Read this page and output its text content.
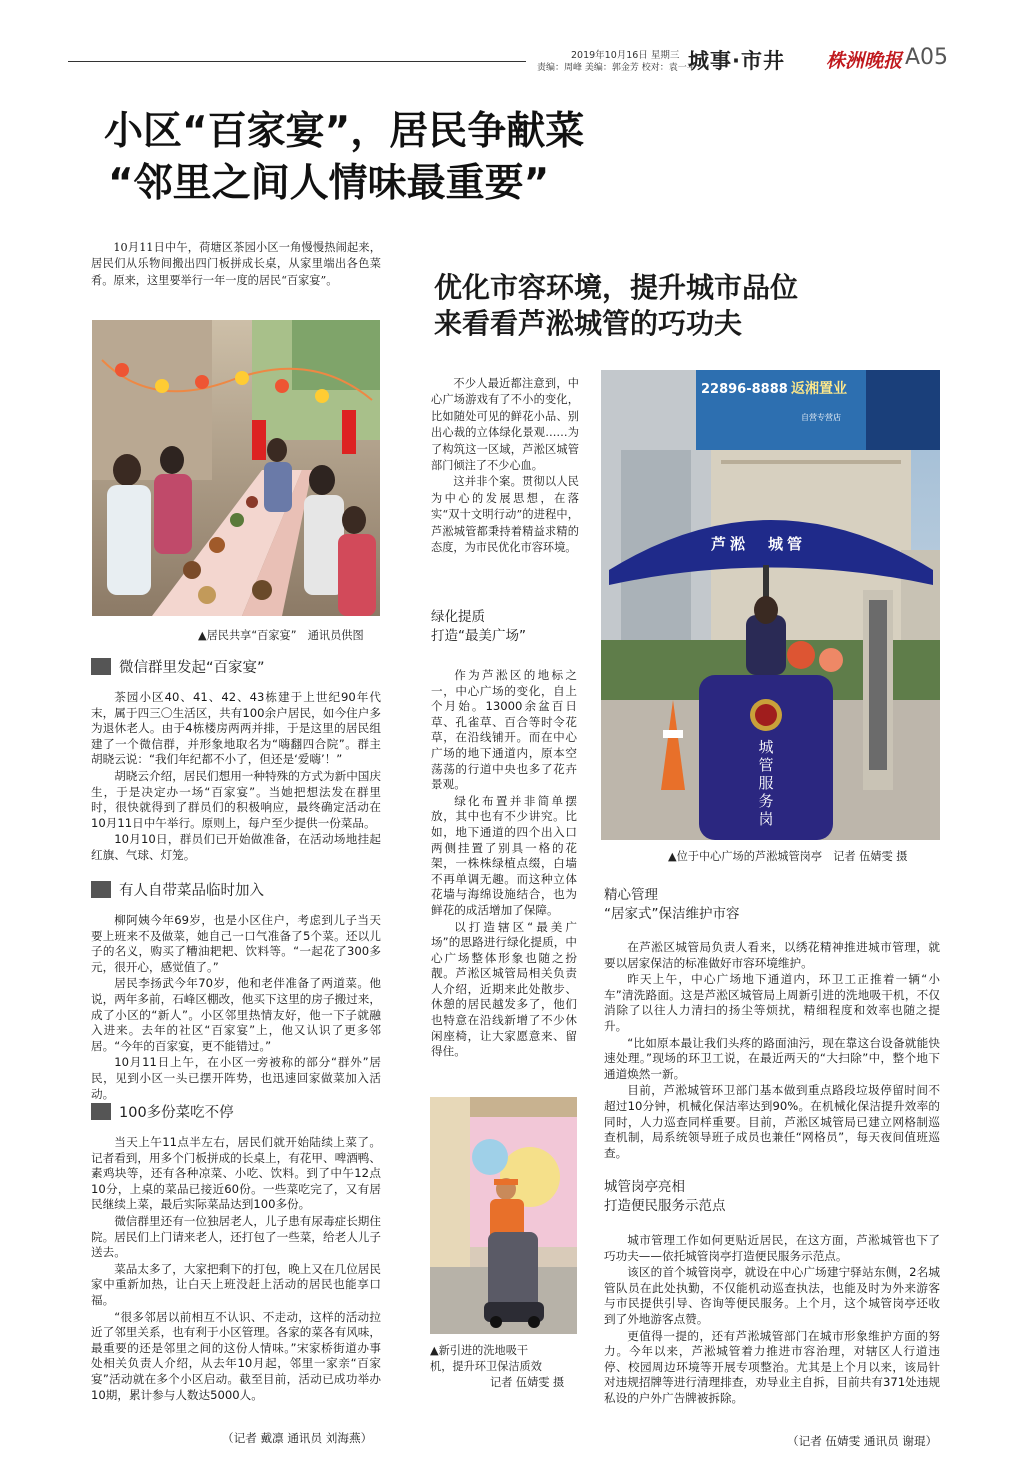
2019年10月16日 星期三
责编：周峰 美编：郭金芳 校对：袁一平
城事·市井 株洲晚报 A05
小区“百家宴”，居民争献菜
“邻里之间人情味最重要”
10月11日中午，荷塘区茶园小区一角慢慢热闹起来，居民们从乐物间搬出四门板拼成长桌，从家里端出各色菜肴。原来，这里要举行一年一度的居民“百家宴”。
▲居民共享“百家宴”　通讯员供图
微信群里发起“百家宴”

茶园小区40、41、42、43栋建于上世纪90年代末，属于四三〇生活区，共有100余户居民，如今住户多为退休老人。由于4栋楼房两两并排，于是这里的居民组建了一个微信群，并形象地取名为“嗨翻四合院”。群主胡晓云说：“我们年纪都不小了，但还是‘爱嗨’！”

胡晓云介绍，居民们想用一种特殊的方式为新中国庆生，于是决定办一场“百家宴”。当她把想法发在群里时，很快就得到了群员们的积极响应，最终确定活动在10月11日中午举行。原则上，每户至少提供一份菜品。

10月10日，群员们已开始做准备，在活动场地挂起红旗、气球、灯笼。

有人自带菜品临时加入

柳阿姨今年69岁，也是小区住户，考虑到儿子当天要上班来不及做菜，她自己一口气准备了5个菜。还以儿子的名义，购买了糟油耙耙、饮料等。“一起花了300多元，很开心，感觉值了。”

居民李扬武今年70岁，他和老伴准备了两道菜。他说，两年多前，石峰区棚改，他买下这里的房子搬过来，成了小区的“新人”。小区邻里热情友好，他一下子就融入进来。去年的社区“百家宴”上，他又认识了更多邻居。“今年的百家宴，更不能错过。”

10月11日上午，在小区一旁被称的部分“群外”居民，见到小区一头已摆开阵势，也迅速回家做菜加入活动。

100多份菜吃不停

当天上午11点半左右，居民们就开始陆续上菜了。记者看到，用多个门板拼成的长桌上，有花甲、啤酒鸭、素鸡块等，还有各种凉菜、小吃、饮料。到了中午12点10分，上桌的菜品已接近60份。一些菜吃完了，又有居民继续上菜，最后实际菜品达到100多份。

微信群里还有一位独居老人，儿子患有尿毒症长期住院。居民们上门请来老人，还打包了一些菜，给老人儿子送去。

菜品太多了，大家把剩下的打包，晚上又在几位居民家中重新加热，让白天上班没赶上活动的居民也能享口福。

“很多邻居以前相互不认识、不走动，这样的活动拉近了邻里关系，也有利于小区管理。各家的菜各有风味，最重要的还是邻里之间的这份人情味。”宋家桥街道办事处相关负责人介绍，从去年10月起，邻里一家亲“百家宴”活动就在多个小区启动。截至目前，活动已成功举办10期，累计参与人数达5000人。

（记者 戴凛 通讯员 刘海燕）
优化市容环境，提升城市品位
来看看芦淞城管的巧功夫

不少人最近都注意到，中心广场游戏有了不小的变化，比如随处可见的鲜花小品、别出心裁的立体绿化景观……为了构筑这一区域，芦淞区城管部门倾注了不少心血。

这并非个案。贯彻以人民为中心的发展思想，在落实“双十文明行动”的进程中，芦淞城管都秉持着精益求精的态度，为市民优化市容环境。

绿化提质
打造“最美广场”

作为芦淞区的地标之一，中心广场的变化，自上个月始。13000余盆百日草、孔雀草、百合等时令花草，在沿线铺开。而在中心广场的地下通道内，原本空荡荡的行道中央也多了花卉景观。

绿化布置并非简单摆放，其中也有不少讲究。比如，地下通道的四个出入口两侧挂置了别具一格的花架，一株株绿植点缀，白墙不再单调无趣。而这种立体花墙与海绵设施结合，也为鲜花的成活增加了保障。

以打造辖区“最美广场”的思路进行绿化提质，中心广场整体形象也随之扮靓。芦淞区城管局相关负责人介绍，近期来此处散步、休憩的居民越发多了，他们也特意在沿线新增了不少休闲座椅，让大家愿意来、留得住。

22896-8888 返湘置业
自营专营店
芦淞　城管
城管服务岗
▲位于中心广场的芦淞城管岗亭　记者 伍婧雯 摄
▲新引进的洗地吸干
机，提升环卫保洁质效
记者 伍婧雯 摄
精心管理
“居家式”保洁维护市容

在芦淞区城管局负责人看来，以绣花精神推进城市管理，就要以居家保洁的标准做好市容环境维护。

昨天上午，中心广场地下通道内，环卫工正推着一辆“小车”清洗路面。这是芦淞区城管局上周新引进的洗地吸干机，不仅消除了以往人力清扫的扬尘等烦扰，精细程度和效率也随之提升。

“比如原本最让我们头疼的路面油污，现在靠这台设备就能快速处理。”现场的环卫工说，在最近两天的“大扫除”中，整个地下通道焕然一新。

目前，芦淞城管环卫部门基本做到重点路段垃圾停留时间不超过10分钟，机械化保洁率达到90%。在机械化保洁提升效率的同时，人力巡查同样重要。目前，芦淞区城管局已建立网格制巡查机制，局系统领导班子成员也兼任“网格员”，每天夜间值班巡查。

城管岗亭亮相
打造便民服务示范点

城市管理工作如何更贴近居民，在这方面，芦淞城管也下了巧功夫——依托城管岗亭打造便民服务示范点。

该区的首个城管岗亭，就设在中心广场建宁驿站东侧，2名城管队员在此处执勤，不仅能机动巡查执法，也能及时为外来游客与市民提供引导、咨询等便民服务。上个月，这个城管岗亭还收到了外地游客点赞。

更值得一提的，还有芦淞城管部门在城市形象维护方面的努力。今年以来，芦淞城管着力推进市容治理，对辖区人行道违停、校园周边环境等开展专项整治。尤其是上个月以来，该局针对违规招牌等进行清理排查，劝导业主自拆，目前共有371处违规私设的户外广告牌被拆除。

（记者 伍婧雯 通讯员 谢琨）
